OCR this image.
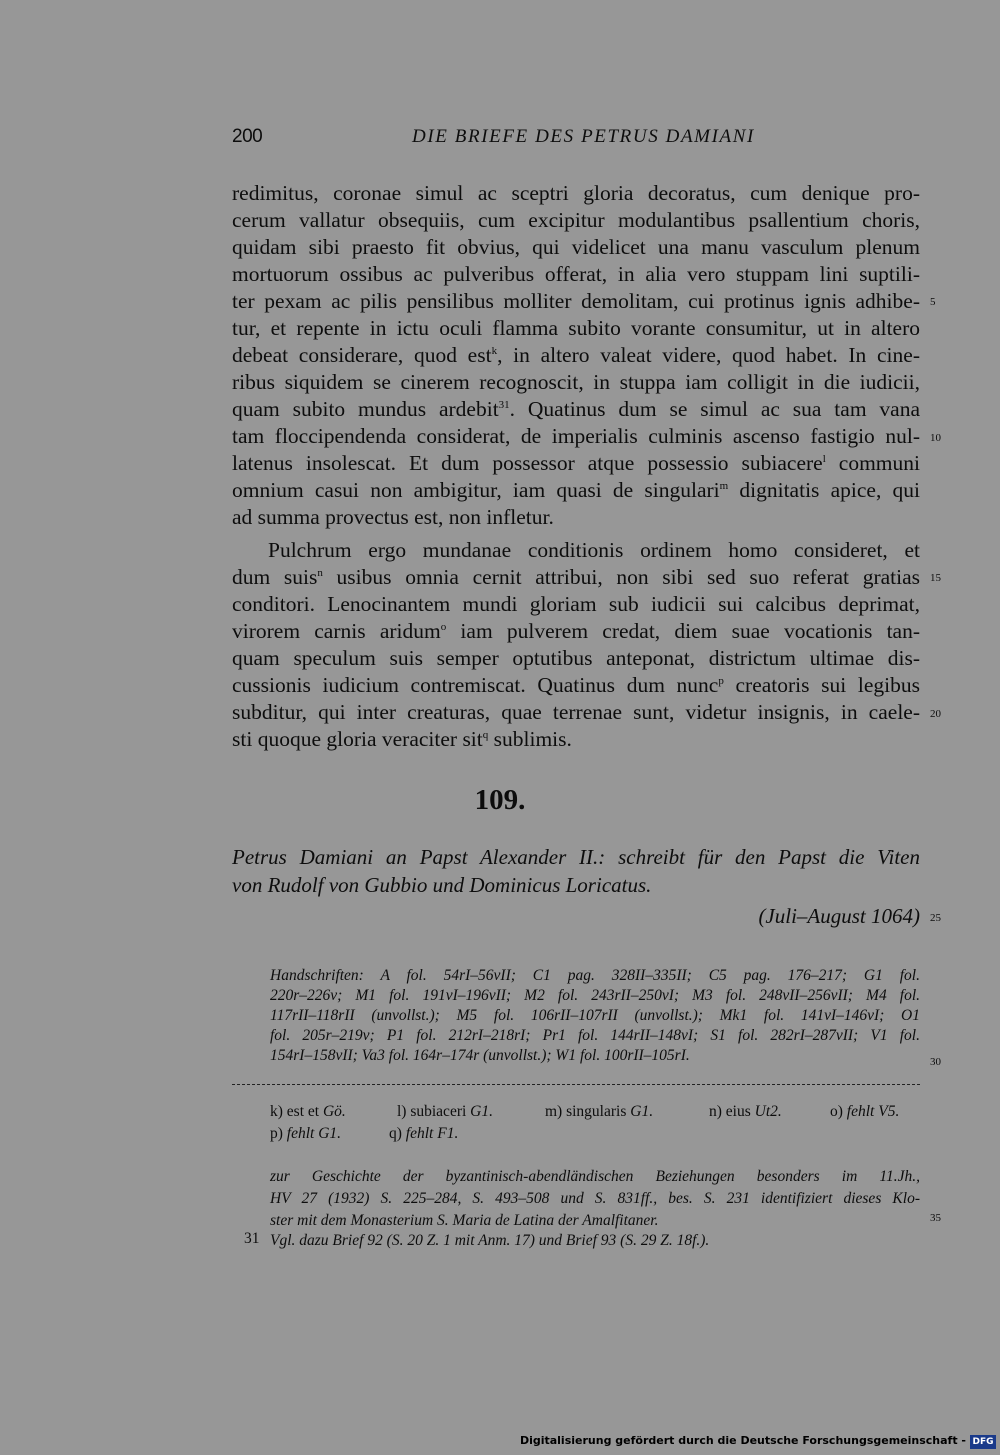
200	DIE BRIEFE DES PETRUS DAMIANI
redimitus, coronae simul ac sceptri gloria decoratus, cum denique pro-
cerum vallatur obsequiis, cum excipitur modulantibus psallentium choris,
quidam sibi praesto fit obvius, qui videlicet una manu vasculum plenum
mortuorum ossibus ac pulveribus offerat, in alia vero stuppam lini suptili-
ter pexam ac pilis pensilibus molliter demolitam, cui protinus ignis adhibe-
tur, et repente in ictu oculi flamma subito vorante consumitur, ut in altero
debeat considerare, quod est$^k$, in altero valeat videre, quod habet. In cine-
ribus siquidem se cinerem recognoscit, in stuppa iam colligit in die iudicii,
quam subito mundus ardebit$^{31}$. Quatinus dum se simul ac sua tam vana
tam floccipendenda considerat, de imperialis culminis ascenso fastigio nul-
latenus insolescat. Et dum possessor atque possessio subiacere$^l$ communi
omnium casui non ambigitur, iam quasi de singulari$^m$ dignitatis apice, qui
ad summa provectus est, non infletur.
Pulchrum ergo mundanae conditionis ordinem homo consideret, et
dum suis$^n$ usibus omnia cernit attribui, non sibi sed suo referat gratias
conditori. Lenocinantem mundi gloriam sub iudicii sui calcibus deprimat,
virorem carnis aridum$^o$ iam pulverem credat, diem suae vocationis tan-
quam speculum suis semper optutibus anteponat, districtum ultimae dis-
cussionis iudicium contremiscat. Quatinus dum nunc$^p$ creatoris sui legibus
subditur, qui inter creaturas, quae terrenae sunt, videtur insignis, in caele-
sti quoque gloria veraciter sit$^q$ sublimis.
5
10
15
20
25
30
35
109.
Petrus Damiani an Papst Alexander II.: schreibt für den Papst die Viten
von Rudolf von Gubbio und Dominicus Loricatus.
(Juli–August 1064)
Handschriften: A fol. 54rI–56vII; C1 pag. 328II–335II; C5 pag. 176–217; G1 fol.
220r–226v; M1 fol. 191vI–196vII; M2 fol. 243rII–250vI; M3 fol. 248vII–256vII; M4 fol.
117rII–118rII (unvollst.); M5 fol. 106rII–107rII (unvollst.); Mk1 fol. 141vI–146vI; O1
fol. 205r–219v; P1 fol. 212rI–218rI; Pr1 fol. 144rII–148vI; S1 fol. 282rI–287vII; V1 fol.
154rI–158vII; Va3 fol. 164r–174r (unvollst.); W1 fol. 100rII–105rI.
k) est et Gö.	l) subiaceri G1.	m) singularis G1.	n) eius Ut2.	o) fehlt V5.
p) fehlt G1.	q) fehlt F1.
zur Geschichte der byzantinisch-abendländischen Beziehungen besonders im 11.Jh.,
HV 27 (1932) S. 225–284, S. 493–508 und S. 831ff., bes. S. 231 identifiziert dieses Klo-
ster mit dem Monasterium S. Maria de Latina der Amalfitaner.
31 Vgl. dazu Brief 92 (S. 20 Z. 1 mit Anm. 17) und Brief 93 (S. 29 Z. 18f.).
Digitalisierung gefördert durch die Deutsche Forschungsgemeinschaft - DFG
